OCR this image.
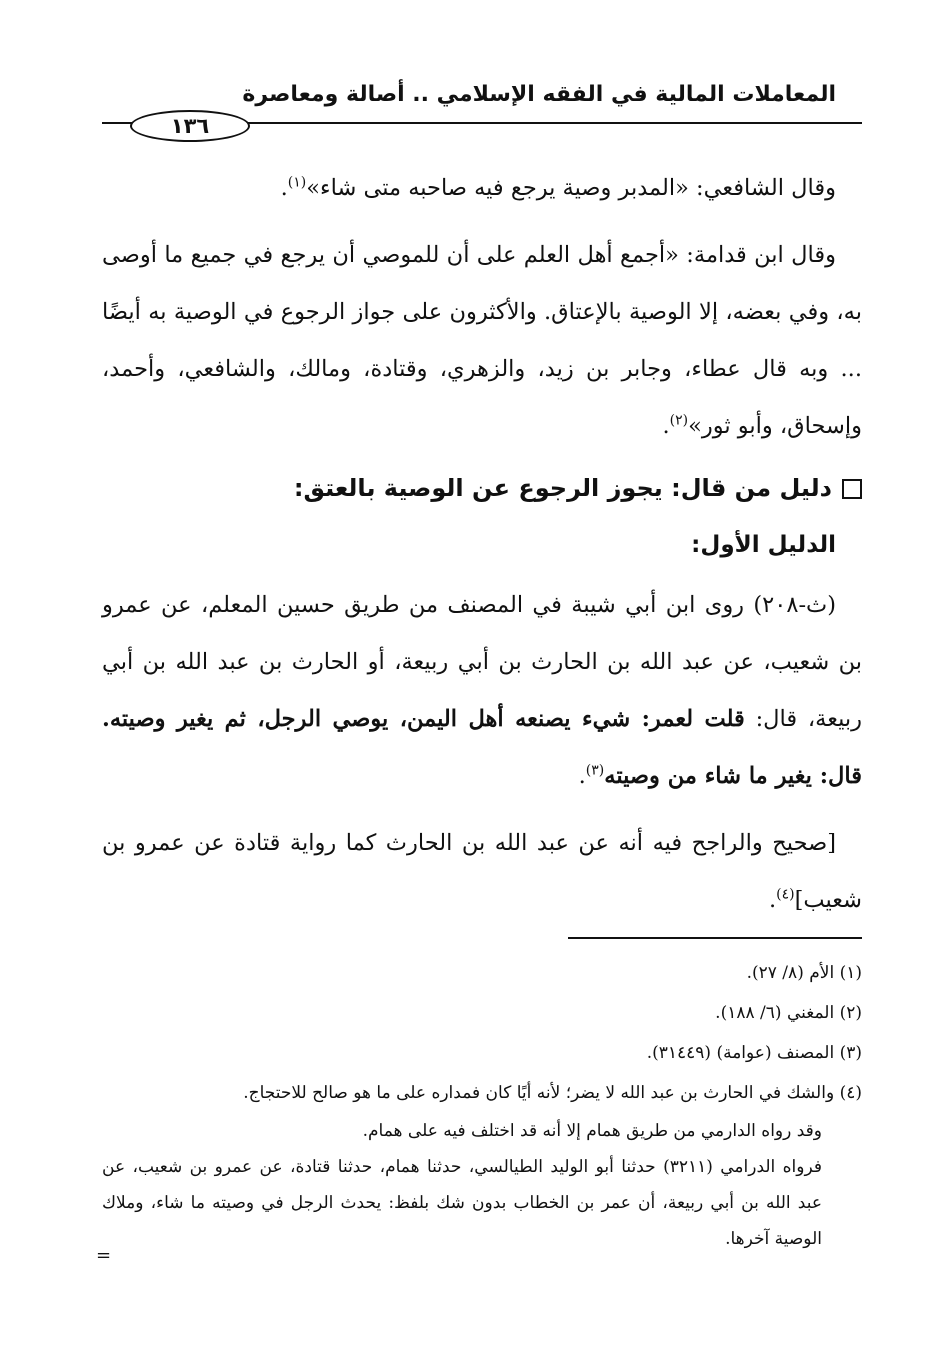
المعاملات المالية في الفقه الإسلامي .. أصالة ومعاصرة
١٣٦

وقال الشافعي: «المدبر وصية يرجع فيه صاحبه متى شاء»$^{(١)}$.

وقال ابن قدامة: «أجمع أهل العلم على أن للموصي أن يرجع في جميع ما أوصى به، وفي بعضه، إلا الوصية بالإعتاق. والأكثرون على جواز الرجوع في الوصية به أيضًا ... وبه قال عطاء، وجابر بن زيد، والزهري، وقتادة، ومالك، والشافعي، وأحمد، وإسحاق، وأبو ثور»$^{(٢)}$.

دليل من قال: يجوز الرجوع عن الوصية بالعتق:
الدليل الأول:

(ث-٢٠٨) روى ابن أبي شيبة في المصنف من طريق حسين المعلم، عن عمرو بن شعيب، عن عبد الله بن الحارث بن أبي ربيعة، أو الحارث بن عبد الله بن أبي ربيعة، قال: قلت لعمر: شيء يصنعه أهل اليمن، يوصي الرجل، ثم يغير وصيته. قال: يغير ما شاء من وصيته$^{(٣)}$.

[صحيح والراجح فيه أنه عن عبد الله بن الحارث كما رواية قتادة عن عمرو بن شعيب]$^{(٤)}$.

(١) الأم (٨/ ٢٧).
(٢) المغني (٦/ ١٨٨).
(٣) المصنف (عوامة) (٣١٤٤٩).
(٤) والشك في الحارث بن عبد الله لا يضر؛ لأنه أيًا كان فمداره على ما هو صالح للاحتجاج.
وقد رواه الدارمي من طريق همام إلا أنه قد اختلف فيه على همام.
فرواه الدرامي (٣٢١١) حدثنا أبو الوليد الطيالسي، حدثنا همام، حدثنا قتادة، عن عمرو بن شعيب، عن عبد الله بن أبي ربيعة، أن عمر بن الخطاب بدون شك بلفظ: يحدث الرجل في وصيته ما شاء، وملاك الوصية آخرها.
=
